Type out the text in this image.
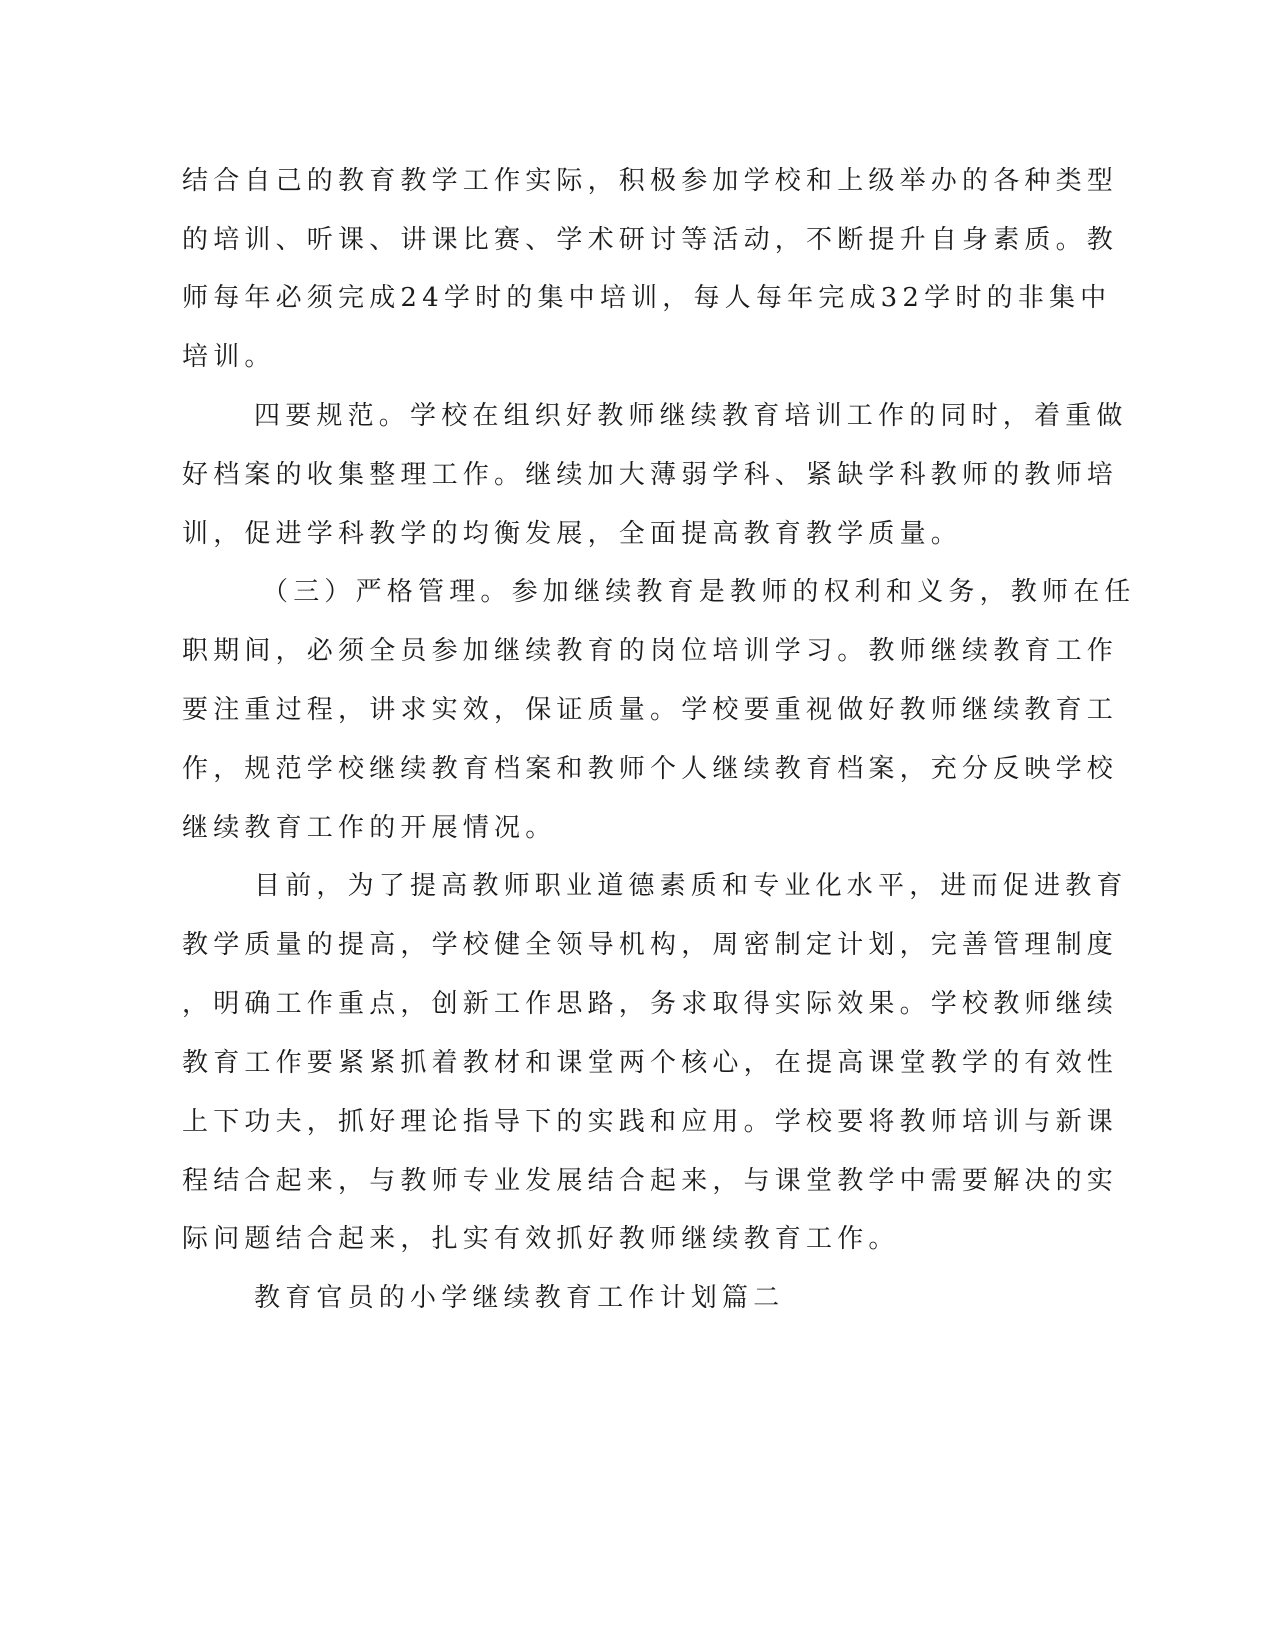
结合自己的教育教学工作实际，积极参加学校和上级举办的各种类型
的培训、听课、讲课比赛、学术研讨等活动，不断提升自身素质。教
师每年必须完成24学时的集中培训，每人每年完成32学时的非集中
培训。
四要规范。学校在组织好教师继续教育培训工作的同时，着重做
好档案的收集整理工作。继续加大薄弱学科、紧缺学科教师的教师培
训，促进学科教学的均衡发展，全面提高教育教学质量。
（三）严格管理。参加继续教育是教师的权利和义务，教师在任
职期间，必须全员参加继续教育的岗位培训学习。教师继续教育工作
要注重过程，讲求实效，保证质量。学校要重视做好教师继续教育工
作，规范学校继续教育档案和教师个人继续教育档案，充分反映学校
继续教育工作的开展情况。
目前，为了提高教师职业道德素质和专业化水平，进而促进教育
教学质量的提高，学校健全领导机构，周密制定计划，完善管理制度
，明确工作重点，创新工作思路，务求取得实际效果。学校教师继续
教育工作要紧紧抓着教材和课堂两个核心，在提高课堂教学的有效性
上下功夫，抓好理论指导下的实践和应用。学校要将教师培训与新课
程结合起来，与教师专业发展结合起来，与课堂教学中需要解决的实
际问题结合起来，扎实有效抓好教师继续教育工作。
教育官员的小学继续教育工作计划篇二
